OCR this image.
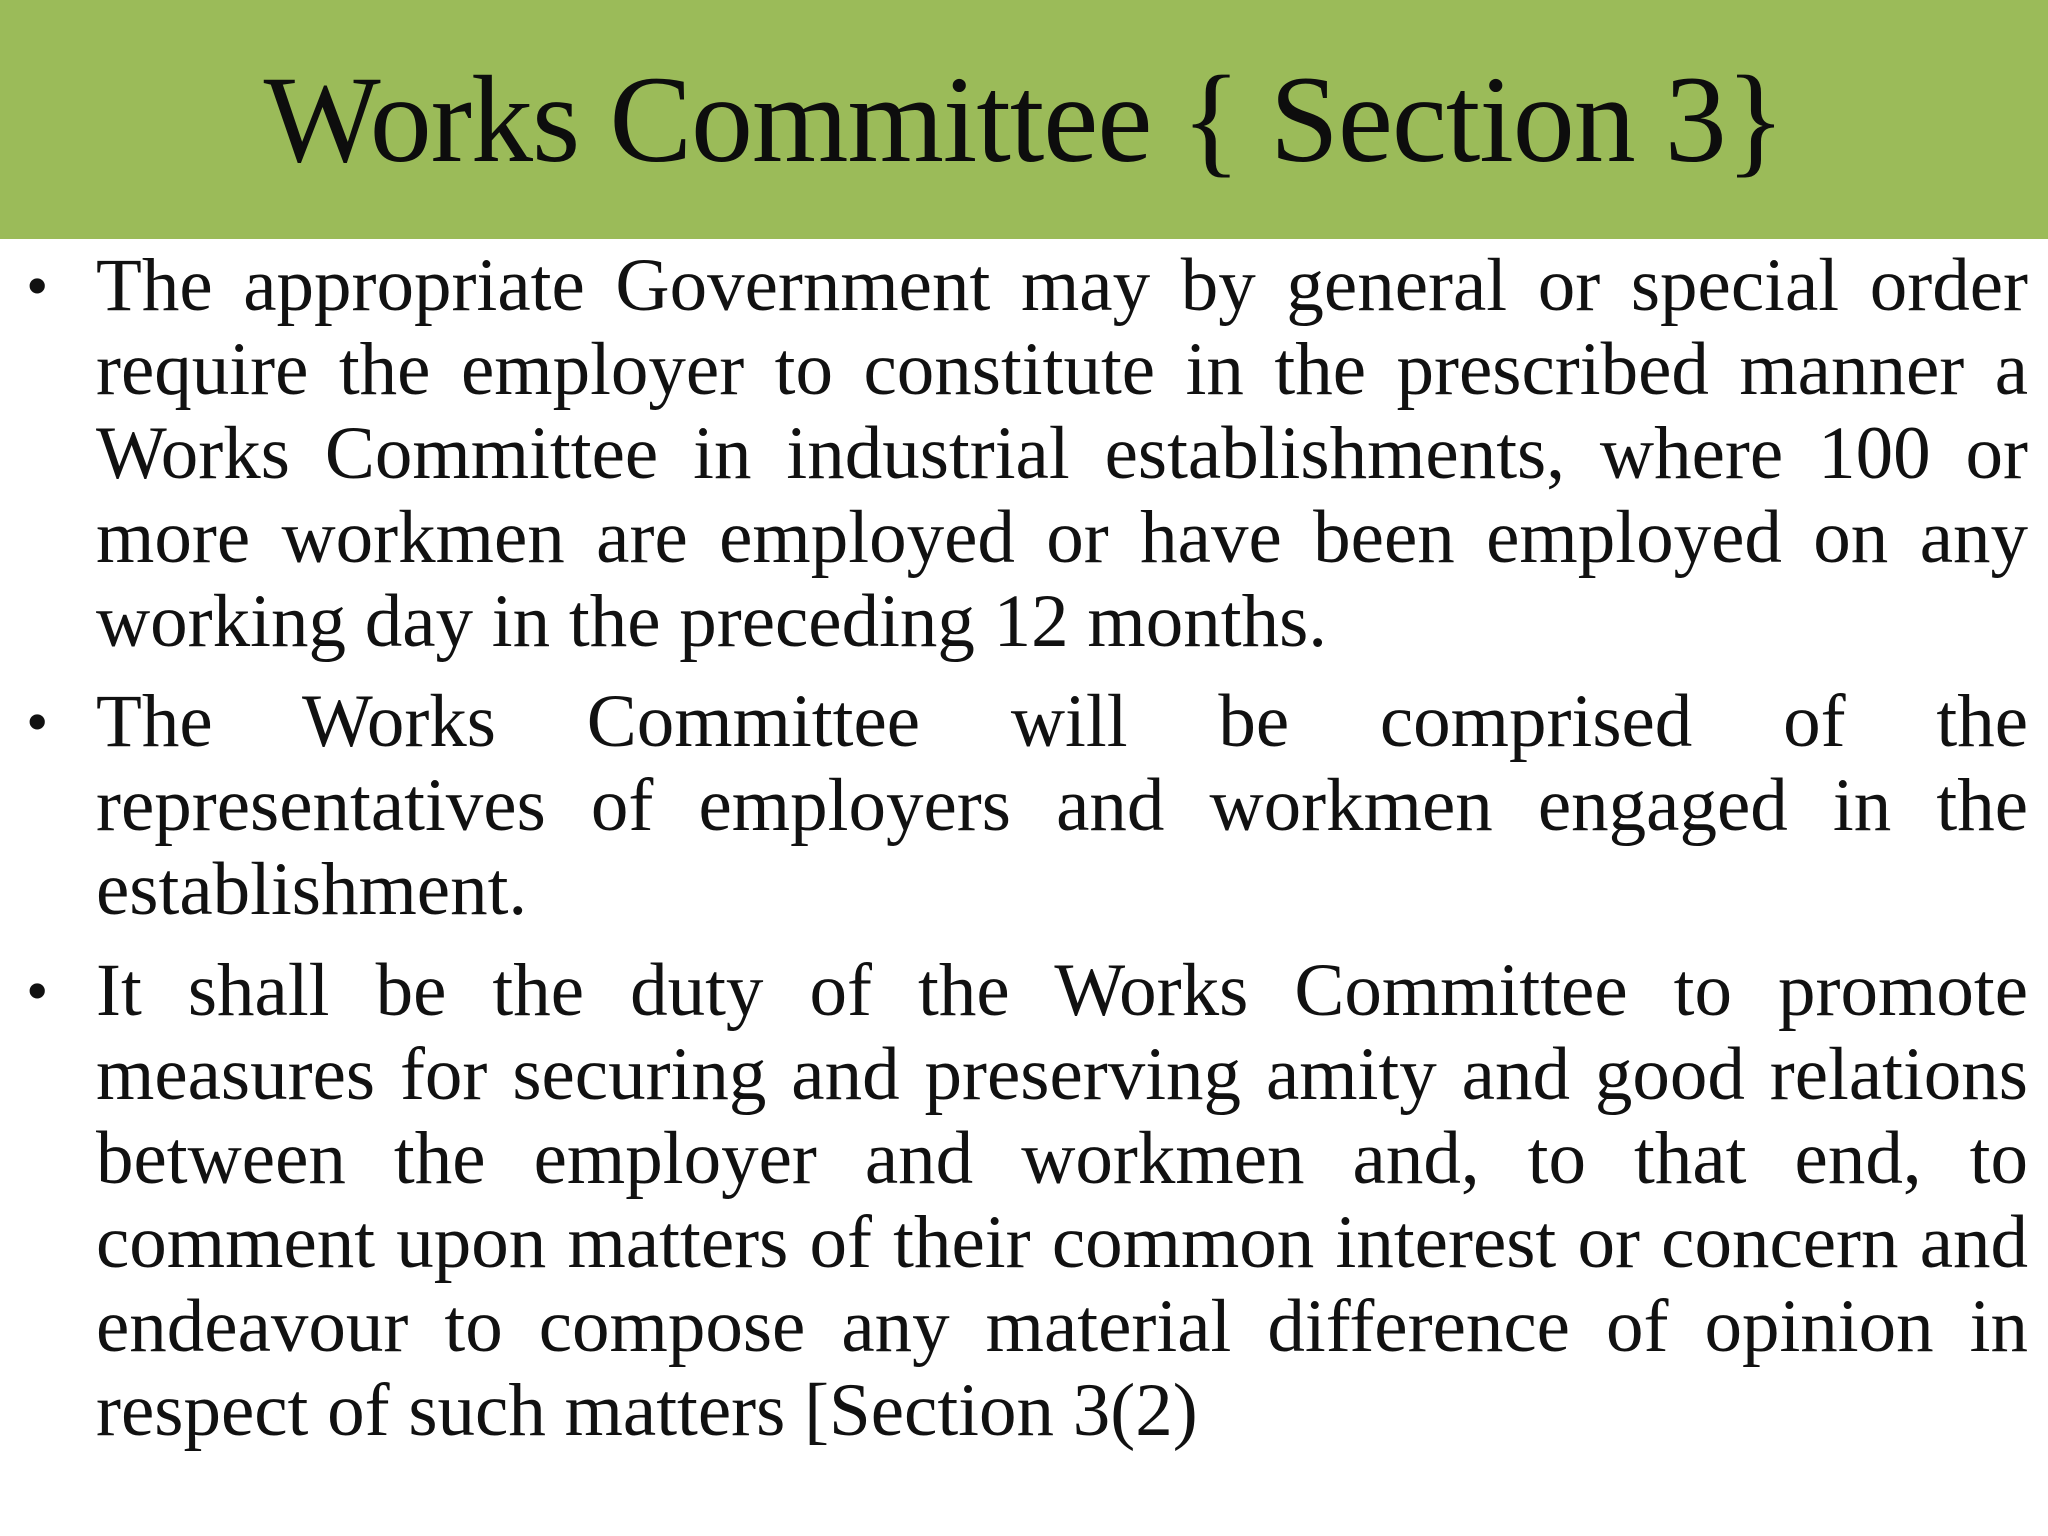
Works Committee { Section 3}
• The appropriate Government may by general or special order require the employer to constitute in the prescribed manner a Works Committee in industrial establishments, where 100 or more workmen are employed or have been employed on any working day in the preceding 12 months.
• The Works Committee will be comprised of the representatives of employers and workmen engaged in the establishment.
• It shall be the duty of the Works Committee to promote measures for securing and preserving amity and good relations between the employer and workmen and, to that end, to comment upon matters of their common interest or concern and endeavour to compose any material difference of opinion in respect of such matters [Section 3(2)
